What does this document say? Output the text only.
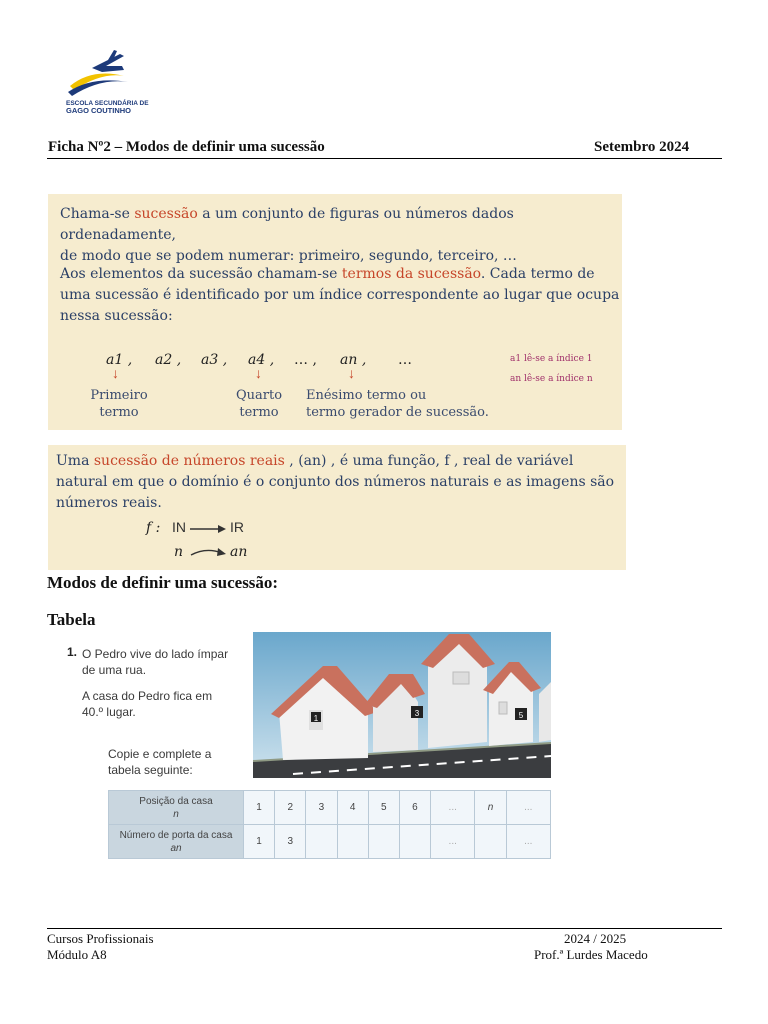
ESCOLA SECUNDÁRIA DE
GAGO COUTINHO
Ficha Nº2 – Modos de definir uma sucessão	Setembro 2024
Chama-se sucessão a um conjunto de figuras ou números dados ordenadamente,
de modo que se podem numerar: primeiro, segundo, terceiro, …
Aos elementos da sucessão chamam-se termos da sucessão. Cada termo de
uma sucessão é identificado por um índice correspondente ao lugar que ocupa
nessa sucessão:
a1 , a2 , a3 , a4 , … , an , …	a1 lê-se a índice 1
an lê-se a índice n
↓	↓	↓
Primeiro
termo
Quarto
termo
Enésimo termo ou
termo gerador de sucessão.
Uma sucessão de números reais , (an) , é uma função, f , real de variável
natural em que o domínio é o conjunto dos números naturais e as imagens são
números reais.
f : IN	IR
n	an
Modos de definir uma sucessão:
Tabela
1. O Pedro vive do lado ímpar
de uma rua.
A casa do Pedro fica em
40.º lugar.
Copie e complete a
tabela seguinte:
1
3	5
Posição da casa
n	1	2	3	4	5	6	...	n	...

Número de porta da casa
an	1	3					...		...
Cursos Profissionais
Módulo A8
2024 / 2025
Prof.ª Lurdes Macedo
